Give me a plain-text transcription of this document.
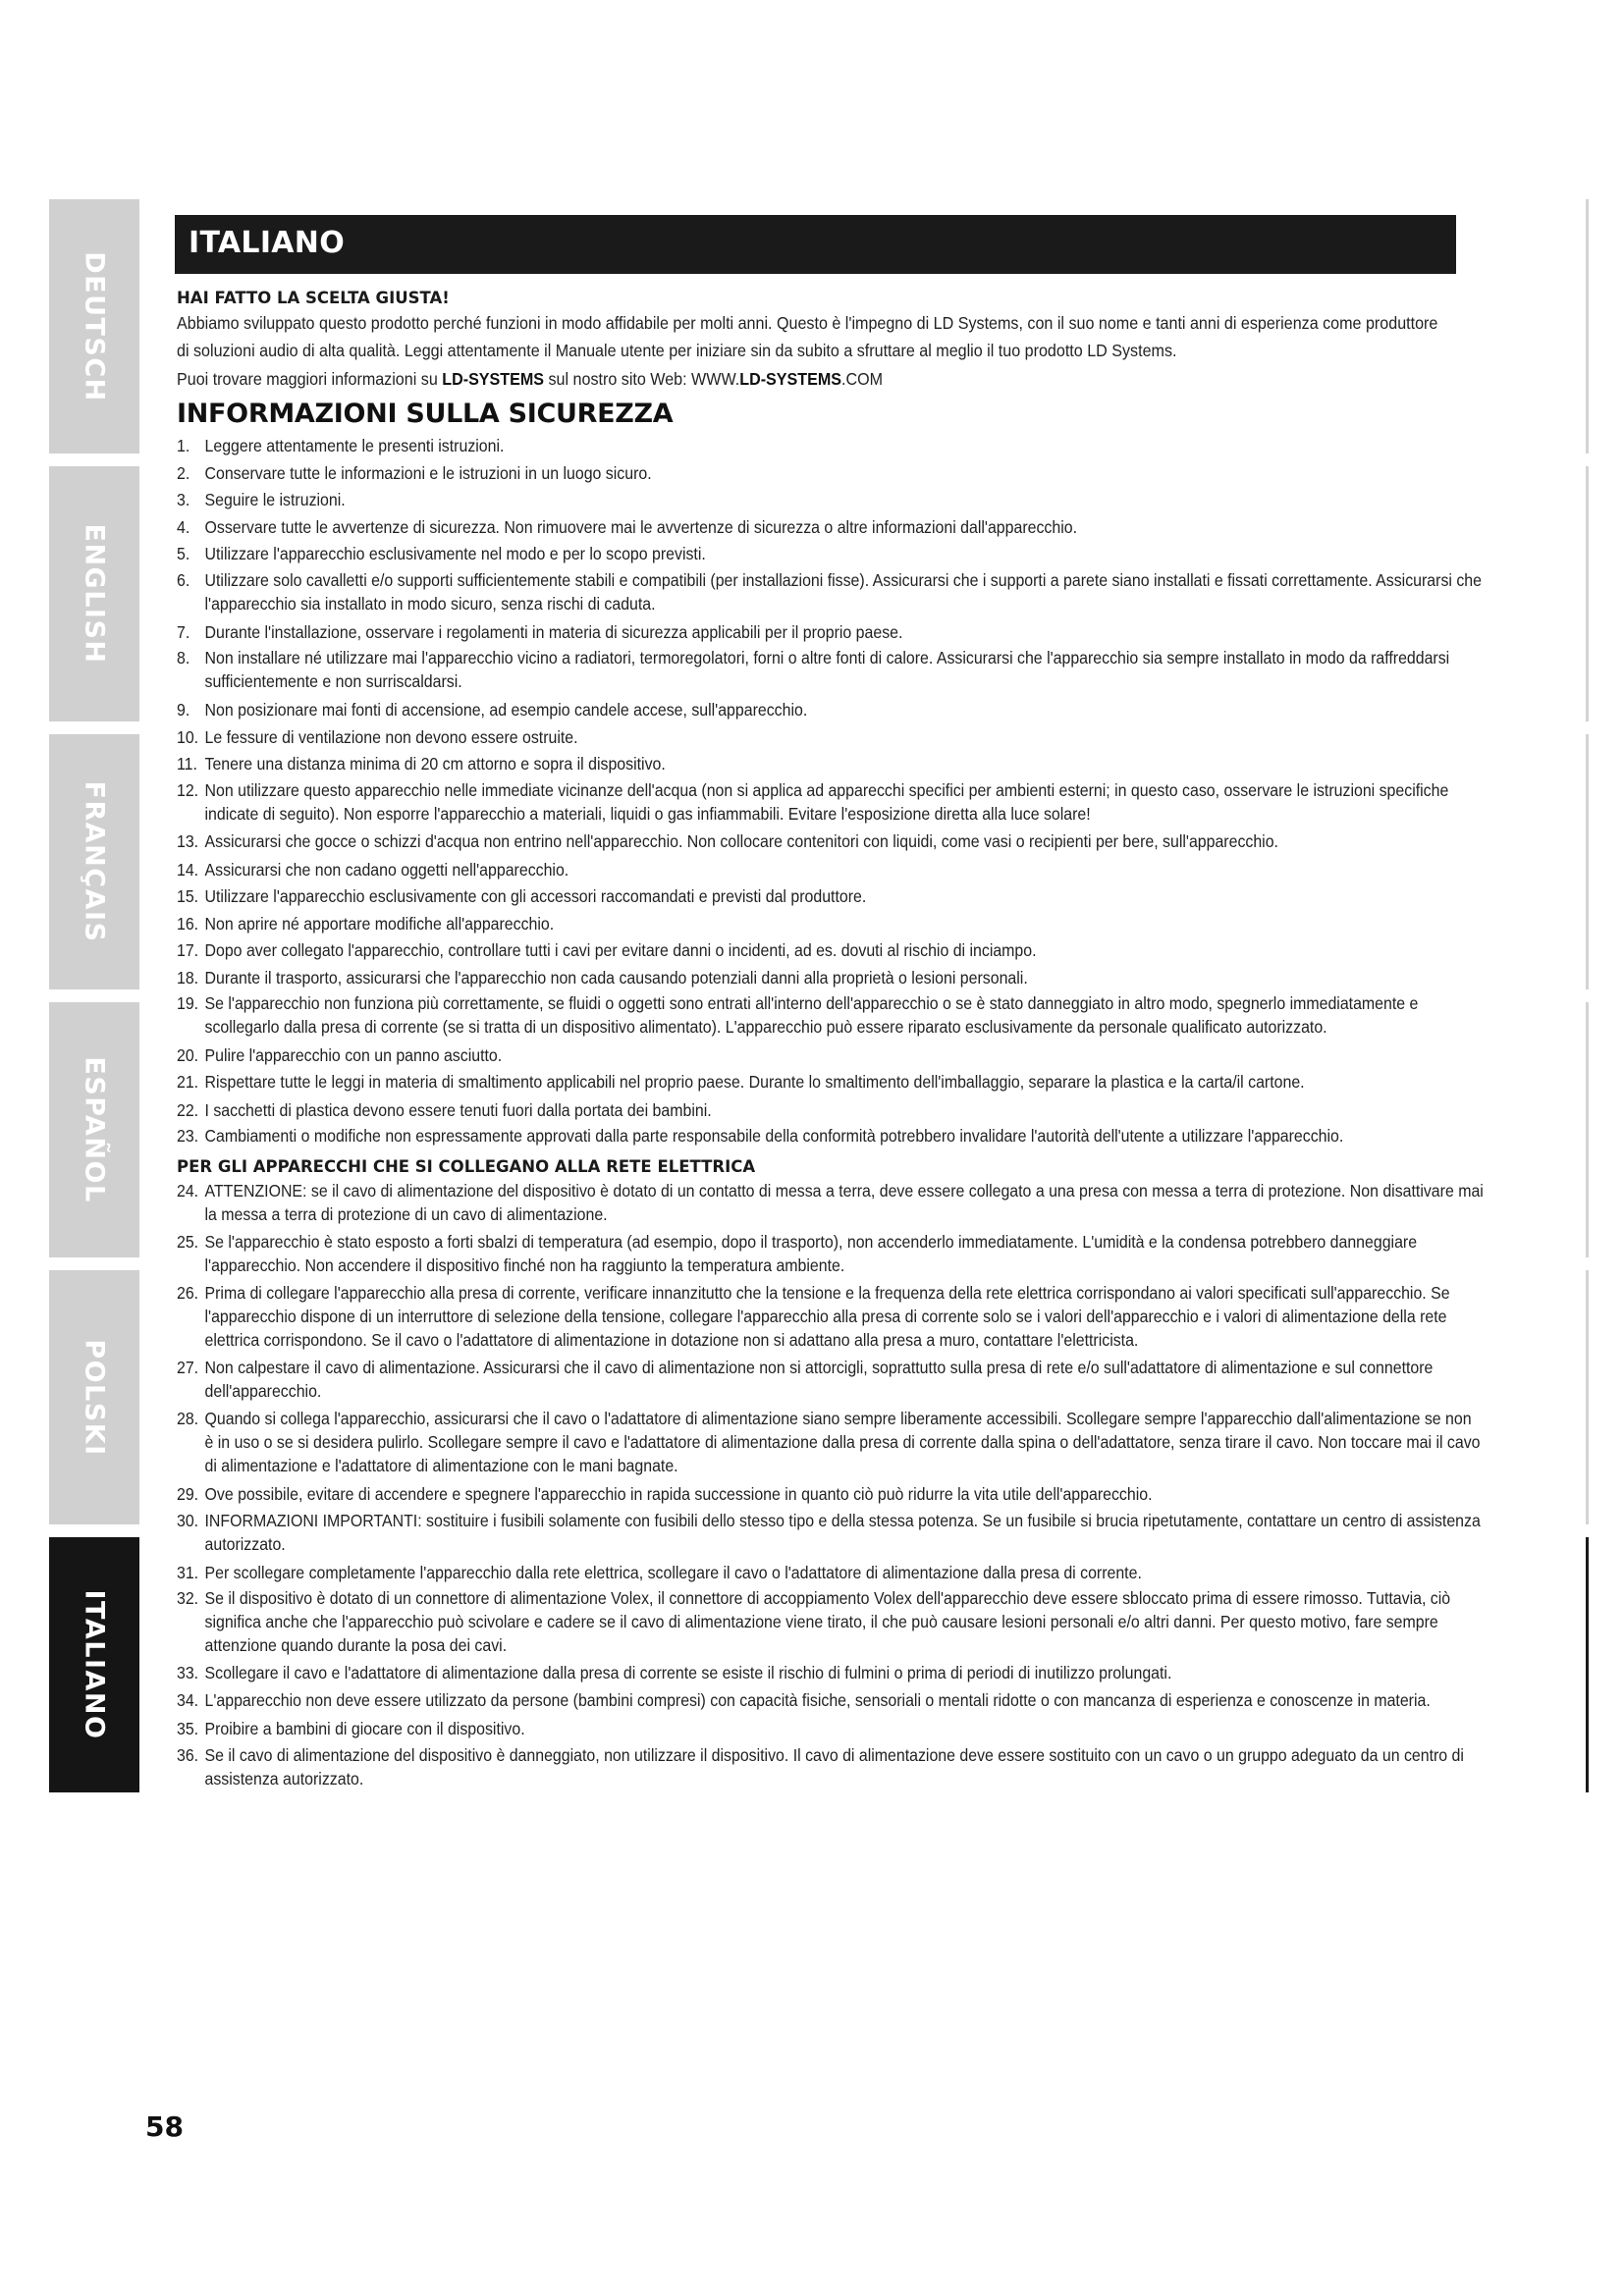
DEUTSCH
ENGLISH
FRANÇAIS
ESPAÑOL
POLSKI
ITALIANO
ITALIANO
HAI FATTO LA SCELTA GIUSTA!

Abbiamo sviluppato questo prodotto perché funzioni in modo affidabile per molti anni. Questo è l'impegno di LD Systems, con il suo nome e tanti anni di esperienza come produttore di soluzioni audio di alta qualità. Leggi attentamente il Manuale utente per iniziare sin da subito a sfruttare al meglio il tuo prodotto LD Systems.

Puoi trovare maggiori informazioni su LD-SYSTEMS sul nostro sito Web: WWW.LD-SYSTEMS.COM

INFORMAZIONI SULLA SICUREZZA
1. Leggere attentamente le presenti istruzioni.
2. Conservare tutte le informazioni e le istruzioni in un luogo sicuro.
3. Seguire le istruzioni.
4. Osservare tutte le avvertenze di sicurezza. Non rimuovere mai le avvertenze di sicurezza o altre informazioni dall'apparecchio.
5. Utilizzare l'apparecchio esclusivamente nel modo e per lo scopo previsti.
6. Utilizzare solo cavalletti e/o supporti sufficientemente stabili e compatibili (per installazioni fisse). Assicurarsi che i supporti a parete siano installati e fissati correttamente. Assicurarsi che l'apparecchio sia installato in modo sicuro, senza rischi di caduta.
7. Durante l'installazione, osservare i regolamenti in materia di sicurezza applicabili per il proprio paese.
8. Non installare né utilizzare mai l'apparecchio vicino a radiatori, termoregolatori, forni o altre fonti di calore. Assicurarsi che l'apparecchio sia sempre installato in modo da raffreddarsi sufficientemente e non surriscaldarsi.
9. Non posizionare mai fonti di accensione, ad esempio candele accese, sull'apparecchio.
10. Le fessure di ventilazione non devono essere ostruite.
11. Tenere una distanza minima di 20 cm attorno e sopra il dispositivo.
12. Non utilizzare questo apparecchio nelle immediate vicinanze dell'acqua (non si applica ad apparecchi specifici per ambienti esterni; in questo caso, osservare le istruzioni specifiche indicate di seguito). Non esporre l'apparecchio a materiali, liquidi o gas infiammabili. Evitare l'esposizione diretta alla luce solare!
13. Assicurarsi che gocce o schizzi d'acqua non entrino nell'apparecchio. Non collocare contenitori con liquidi, come vasi o recipienti per bere, sull'apparecchio.
14. Assicurarsi che non cadano oggetti nell'apparecchio.
15. Utilizzare l'apparecchio esclusivamente con gli accessori raccomandati e previsti dal produttore.
16. Non aprire né apportare modifiche all'apparecchio.
17. Dopo aver collegato l'apparecchio, controllare tutti i cavi per evitare danni o incidenti, ad es. dovuti al rischio di inciampo.
18. Durante il trasporto, assicurarsi che l'apparecchio non cada causando potenziali danni alla proprietà o lesioni personali.
19. Se l'apparecchio non funziona più correttamente, se fluidi o oggetti sono entrati all'interno dell'apparecchio o se è stato danneggiato in altro modo, spegnerlo immediatamente e scollegarlo dalla presa di corrente (se si tratta di un dispositivo alimentato). L'apparecchio può essere riparato esclusivamente da personale qualificato autorizzato.
20. Pulire l'apparecchio con un panno asciutto.
21. Rispettare tutte le leggi in materia di smaltimento applicabili nel proprio paese. Durante lo smaltimento dell'imballaggio, separare la plastica e la carta/il cartone.
22. I sacchetti di plastica devono essere tenuti fuori dalla portata dei bambini.
23. Cambiamenti o modifiche non espressamente approvati dalla parte responsabile della conformità potrebbero invalidare l'autorità dell'utente a utilizzare l'apparecchio.
PER GLI APPARECCHI CHE SI COLLEGANO ALLA RETE ELETTRICA
24. ATTENZIONE: se il cavo di alimentazione del dispositivo è dotato di un contatto di messa a terra, deve essere collegato a una presa con messa a terra di protezione. Non disattivare mai la messa a terra di protezione di un cavo di alimentazione.
25. Se l'apparecchio è stato esposto a forti sbalzi di temperatura (ad esempio, dopo il trasporto), non accenderlo immediatamente. L'umidità e la condensa potrebbero danneggiare l'apparecchio. Non accendere il dispositivo finché non ha raggiunto la temperatura ambiente.
26. Prima di collegare l'apparecchio alla presa di corrente, verificare innanzitutto che la tensione e la frequenza della rete elettrica corrispondano ai valori specificati sull'apparecchio. Se l'apparecchio dispone di un interruttore di selezione della tensione, collegare l'apparecchio alla presa di corrente solo se i valori dell'apparecchio e i valori di alimentazione della rete elettrica corrispondono. Se il cavo o l'adattatore di alimentazione in dotazione non si adattano alla presa a muro, contattare l'elettricista.
27. Non calpestare il cavo di alimentazione. Assicurarsi che il cavo di alimentazione non si attorcigli, soprattutto sulla presa di rete e/o sull'adattatore di alimentazione e sul connettore dell'apparecchio.
28. Quando si collega l'apparecchio, assicurarsi che il cavo o l'adattatore di alimentazione siano sempre liberamente accessibili. Scollegare sempre l'apparecchio dall'alimentazione se non è in uso o se si desidera pulirlo. Scollegare sempre il cavo e l'adattatore di alimentazione dalla presa di corrente dalla spina o dell'adattatore, senza tirare il cavo. Non toccare mai il cavo di alimentazione e l'adattatore di alimentazione con le mani bagnate.
29. Ove possibile, evitare di accendere e spegnere l'apparecchio in rapida successione in quanto ciò può ridurre la vita utile dell'apparecchio.
30. INFORMAZIONI IMPORTANTI: sostituire i fusibili solamente con fusibili dello stesso tipo e della stessa potenza. Se un fusibile si brucia ripetutamente, contattare un centro di assistenza autorizzato.
31. Per scollegare completamente l'apparecchio dalla rete elettrica, scollegare il cavo o l'adattatore di alimentazione dalla presa di corrente.
32. Se il dispositivo è dotato di un connettore di alimentazione Volex, il connettore di accoppiamento Volex dell'apparecchio deve essere sbloccato prima di essere rimosso. Tuttavia, ciò significa anche che l'apparecchio può scivolare e cadere se il cavo di alimentazione viene tirato, il che può causare lesioni personali e/o altri danni. Per questo motivo, fare sempre attenzione quando durante la posa dei cavi.
33. Scollegare il cavo e l'adattatore di alimentazione dalla presa di corrente se esiste il rischio di fulmini o prima di periodi di inutilizzo prolungati.
34. L'apparecchio non deve essere utilizzato da persone (bambini compresi) con capacità fisiche, sensoriali o mentali ridotte o con mancanza di esperienza e conoscenze in materia.
35. Proibire a bambini di giocare con il dispositivo.
36. Se il cavo di alimentazione del dispositivo è danneggiato, non utilizzare il dispositivo. Il cavo di alimentazione deve essere sostituito con un cavo o un gruppo adeguato da un centro di assistenza autorizzato.
58
